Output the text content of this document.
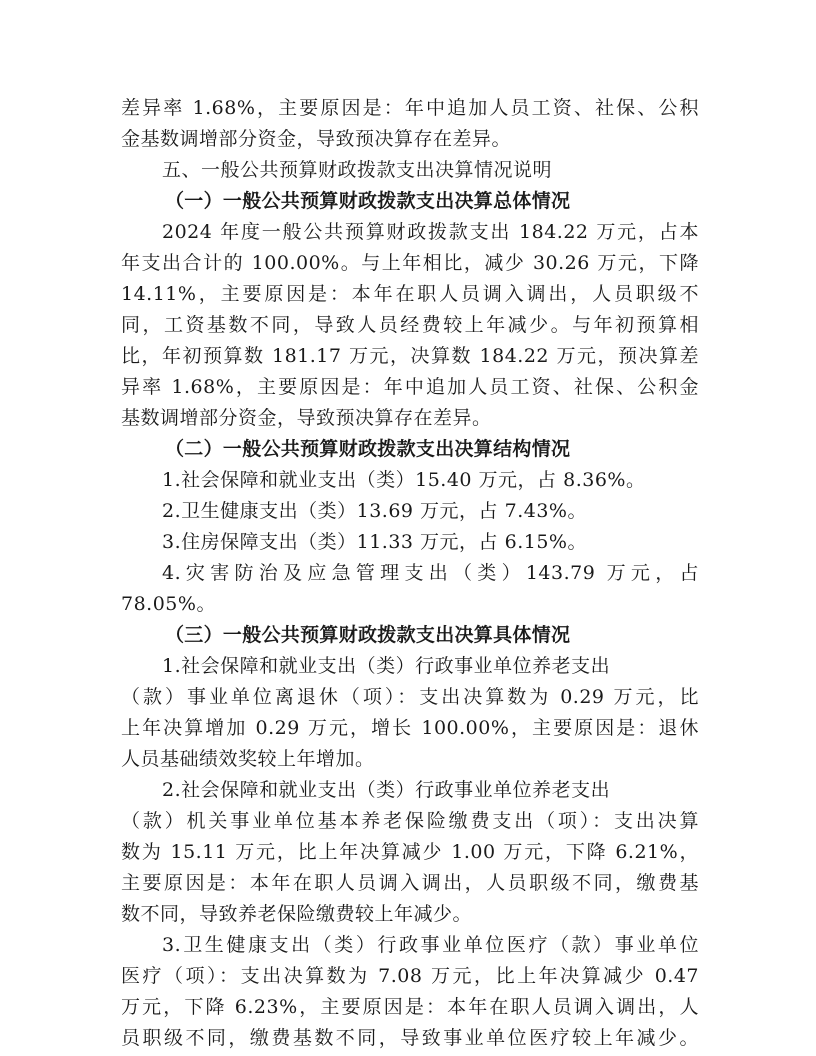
差异率 1.68%，主要原因是：年中追加人员工资、社保、公积
金基数调增部分资金，导致预决算存在差异。
五、一般公共预算财政拨款支出决算情况说明
（一）一般公共预算财政拨款支出决算总体情况
2024 年度一般公共预算财政拨款支出 184.22 万元，占本
年支出合计的 100.00%。与上年相比，减少 30.26 万元，下降
14.11%，主要原因是：本年在职人员调入调出，人员职级不
同，工资基数不同，导致人员经费较上年减少。与年初预算相
比，年初预算数 181.17 万元，决算数 184.22 万元，预决算差
异率 1.68%，主要原因是：年中追加人员工资、社保、公积金
基数调增部分资金，导致预决算存在差异。
（二）一般公共预算财政拨款支出决算结构情况
1.社会保障和就业支出（类）15.40 万元，占 8.36%。
2.卫生健康支出（类）13.69 万元，占 7.43%。
3.住房保障支出（类）11.33 万元，占 6.15%。
4.灾害防治及应急管理支出（类）143.79 万元，占
78.05%。
（三）一般公共预算财政拨款支出决算具体情况
1.社会保障和就业支出（类）行政事业单位养老支出
（款）事业单位离退休（项）：支出决算数为 0.29 万元，比
上年决算增加 0.29 万元，增长 100.00%，主要原因是：退休
人员基础绩效奖较上年增加。
2.社会保障和就业支出（类）行政事业单位养老支出
（款）机关事业单位基本养老保险缴费支出（项）：支出决算
数为 15.11 万元，比上年决算减少 1.00 万元，下降 6.21%，
主要原因是：本年在职人员调入调出，人员职级不同，缴费基
数不同，导致养老保险缴费较上年减少。
3.卫生健康支出（类）行政事业单位医疗（款）事业单位
医疗（项）：支出决算数为 7.08 万元，比上年决算减少 0.47
万元，下降 6.23%，主要原因是：本年在职人员调入调出，人
员职级不同，缴费基数不同，导致事业单位医疗较上年减少。
